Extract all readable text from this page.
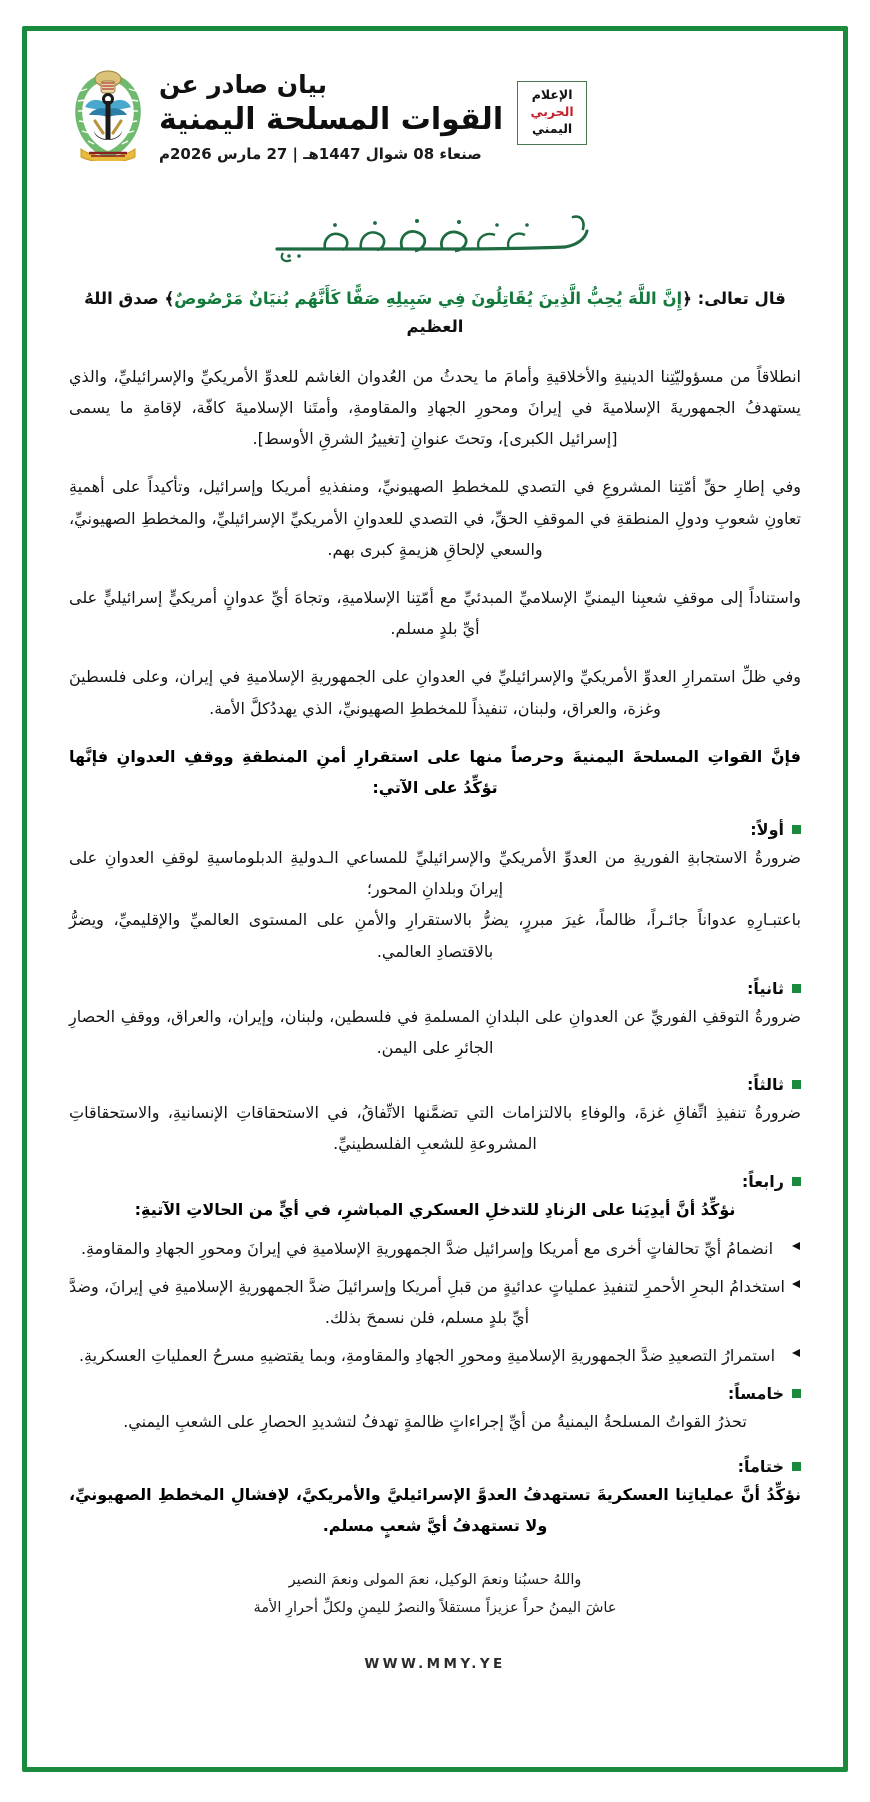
بيان صادر عن
القوات المسلحة اليمنية
صنعاء 08 شوال 1447هـ | 27 مارس 2026م
الإعلام
الحربي
اليمني
قال تعالى: ﴿إِنَّ اللَّهَ يُحِبُّ الَّذِينَ يُقَاتِلُونَ فِي سَبِيلِهِ صَفًّا كَأَنَّهُم بُنيَانٌ مَرْصُوصٌ﴾ صدق اللهُ العظيم

انطلاقاً من مسؤوليّتِنا الدينيةِ والأخلاقيةِ وأمامَ ما يحدثُ من العُدوان الغاشم للعدوِّ الأمريكيِّ والإسرائيليِّ، والذي يستهدفُ الجمهوريةَ الإسلاميةَ في إيرانَ ومحورِ الجهادِ والمقاومةِ، وأمتَنا الإسلاميةَ كافّة، لإقامةِ ما يسمى [إسرائيل الكبرى]، وتحتَ عنوانِ [تغييرُ الشرقِ الأوسط].

وفي إطارِ حقِّ أمّتِنا المشروعِ في التصدي للمخططِ الصهيونيِّ، ومنفذيهِ أمريكا وإسرائيل، وتأكيداً على أهميةِ تعاونِ شعوبِ ودولِ المنطقةِ في الموقفِ الحقِّ، في التصدي للعدوانِ الأمريكيِّ الإسرائيليِّ، والمخططِ الصهيونيِّ، والسعي لإلحاقِ هزيمةٍ كبرى بهم.

واستناداً إلى موقفِ شعبِنا اليمنيِّ الإسلاميِّ المبدئيِّ مع أمّتِنا الإسلاميةِ، وتجاهَ أيِّ عدوانٍ أمريكيٍّ إسرائيليٍّ على أيِّ بلدٍ مسلم.

وفي ظلِّ استمرارِ العدوِّ الأمريكيِّ والإسرائيليِّ في العدوانِ على الجمهوريةِ الإسلاميةِ في إيران، وعلى فلسطينَ وغزة، والعراق، ولبنان، تنفيذاً للمخططِ الصهيونيِّ، الذي يهددُكلَّ الأمة.

فإنَّ القواتِ المسلحةَ اليمنيةَ وحرصاً منها على استقرارِ أمنِ المنطقةِ ووقفِ العدوانِ فإنَّها تؤكِّدُ على الآتي:

أولاً:
ضرورةُ الاستجابةِ الفوريةِ من العدوِّ الأمريكيِّ والإسرائيليِّ للمساعي الـدوليةِ الدبلوماسيةِ لوقفِ العدوانِ على إيرانَ وبلدانِ المحور؛
باعتبـارِهِ عدواناً جائـراً، ظالماً، غيرَ مبررٍ، يضرُّ بالاستقرارِ والأمنِ على المستوى العالميِّ والإقليميِّ، ويضرُّ بالاقتصادِ العالمي.
ثانياً:
ضرورةُ التوقفِ الفوريِّ عن العدوانِ على البلدانِ المسلمةِ في فلسطين، ولبنان، وإيران، والعراق، ووقفِ الحصارِ الجائرِ على اليمن.
ثالثاً:
ضرورةُ تنفيذِ اتِّفاقِ غزةَ، والوفاءِ بالالتزامات التي تضمَّنها الاتِّفاقُ، في الاستحقاقاتِ الإنسانيةِ، والاستحقاقاتِ المشروعةِ للشعبِ الفلسطينيِّ.
رابعاً:
نؤكِّدُ أنَّ أيدِيَنا على الزنادِ للتدخلِ العسكري المباشرِ، في أيٍّ من الحالاتِ الآتيةِ:
انضمامُ أيِّ تحالفاتٍ أخرى مع أمريكا وإسرائيل ضدَّ الجمهوريةِ الإسلاميةِ في إيرانَ ومحورِ الجهادِ والمقاومةِ.
استخدامُ البحرِ الأحمرِ لتنفيذِ عملياتٍ عدائيةٍ من قبلِ أمريكا وإسرائيلَ ضدَّ الجمهوريةِ الإسلاميةِ في إيرانَ، وضدَّ أيِّ بلدٍ مسلم، فلن نسمحَ بذلك.
استمرارُ التصعيدِ ضدَّ الجمهوريةِ الإسلاميةِ ومحورِ الجهادِ والمقاومةِ، وبما يقتضيهِ مسرحُ العملياتِ العسكريةِ.
خامساً:
تحذرُ القواتُ المسلحةُ اليمنيةُ من أيِّ إجراءاتٍ ظالمةٍ تهدفُ لتشديدِ الحصارِ على الشعبِ اليمني.
ختاماً:
نؤكِّدُ أنَّ عملياتِنا العسكريةَ تستهدفُ العدوَّ الإسرائيليَّ والأمريكيَّ، لإفشالِ المخططِ الصهيونيِّ، ولا تستهدفُ أيَّ شعبٍ مسلم.
واللهُ حسبُنا ونعمَ الوكيل، نعمَ المولى ونعمَ النصير
عاشَ اليمنُ حراً عزيزاً مستقلاً والنصرُ لليمنِ ولكلِّ أحرارِ الأمة
WWW.MMY.YE
